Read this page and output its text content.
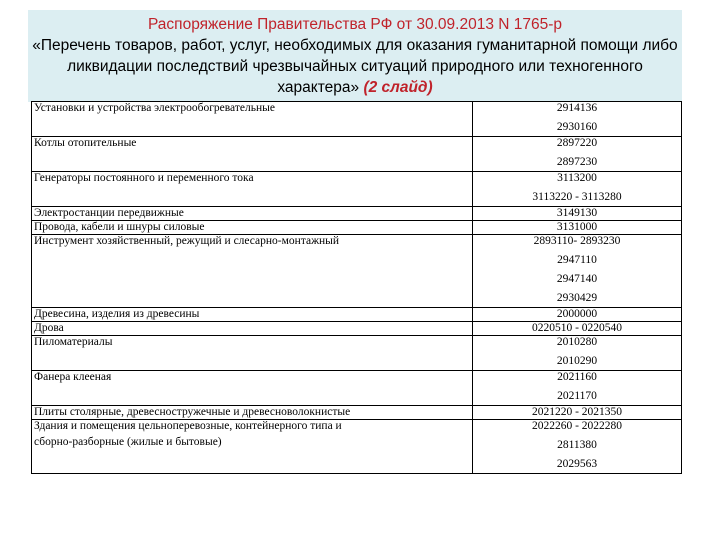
Распоряжение Правительства РФ от 30.09.2013 N 1765-р
«Перечень товаров, работ, услуг, необходимых для оказания гуманитарной помощи либо ликвидации последствий чрезвычайных ситуаций природного или техногенного характера» (2 слайд)
Установки и устройства электрообогревательные	2914136
2930160

Котлы отопительные	2897220
2897230

Генераторы постоянного и переменного тока	3113200
3113220 - 3113280

Электростанции передвижные	3149130

Провода, кабели и шнуры силовые	3131000

Инструмент хозяйственный, режущий и слесарно-монтажный	2893110- 2893230
2947110
2947140
2930429

Древесина, изделия из древесины	2000000

Дрова	0220510 - 0220540

Пиломатериалы	2010280
2010290

Фанера клееная	2021160
2021170

Плиты столярные, древесностружечные и древесноволокнистые	2021220 - 2021350

Здания и помещения цельноперевозные, контейнерного типа и
сборно-разборные (жилые и бытовые)	2022260 - 2022280
2811380
2029563
